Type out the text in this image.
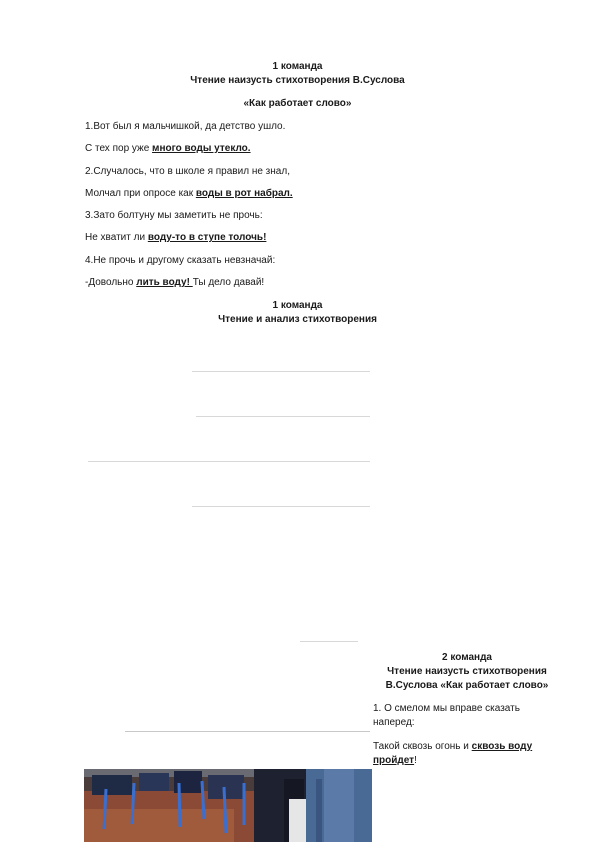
1 команда
Чтение наизусть стихотворения В.Суслова
«Как работает слово»
1.Вот был я мальчишкой, да детство ушло.
С тех пор уже много воды утекло.
2.Случалось, что в школе я правил не знал,
Молчал при опросе как воды в рот набрал.
3.Зато болтуну мы заметить не прочь:
Не хватит ли воду-то в ступе толочь!
4.Не прочь и другому сказать невзначай:
-Довольно лить воду! Ты дело давай!
1 команда
Чтение и анализ стихотворения
2 команда
Чтение наизусть стихотворения
В.Суслова «Как работает слово»
1. О смелом мы вправе сказать
наперед:
Такой сквозь огонь и сквозь воду
пройдет!
